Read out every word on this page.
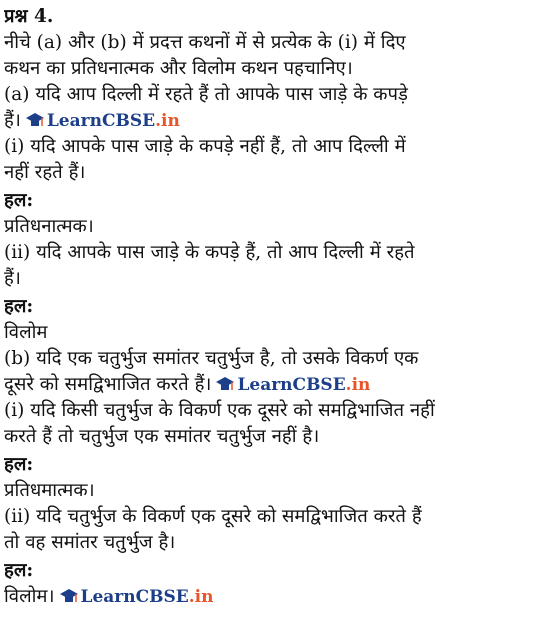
प्रश्न 4.
नीचे (a) और (b) में प्रदत्त कथनों में से प्रत्येक के (i) में दिए
कथन का प्रतिधनात्मक और विलोम कथन पहचानिए।
(a) यदि आप दिल्ली में रहते हैं तो आपके पास जाड़े के कपड़े
हैं। LearnCBSE .in
(i) यदि आपके पास जाड़े के कपड़े नहीं हैं, तो आप दिल्ली में
नहीं रहते हैं।
हल:
प्रतिधनात्मक।
(ii) यदि आपके पास जाड़े के कपड़े हैं, तो आप दिल्ली में रहते
हैं।
हल:
विलोम
(b) यदि एक चतुर्भुज समांतर चतुर्भुज है, तो उसके विकर्ण एक
दूसरे को समद्विभाजित करते हैं। LearnCBSE .in
(i) यदि किसी चतुर्भुज के विकर्ण एक दूसरे को समद्विभाजित नहीं
करते हैं तो चतुर्भुज एक समांतर चतुर्भुज नहीं है।
हल:
प्रतिधमात्मक।
(ii) यदि चतुर्भुज के विकर्ण एक दूसरे को समद्विभाजित करते हैं
तो वह समांतर चतुर्भुज है।
हल:
विलोम। LearnCBSE .in
